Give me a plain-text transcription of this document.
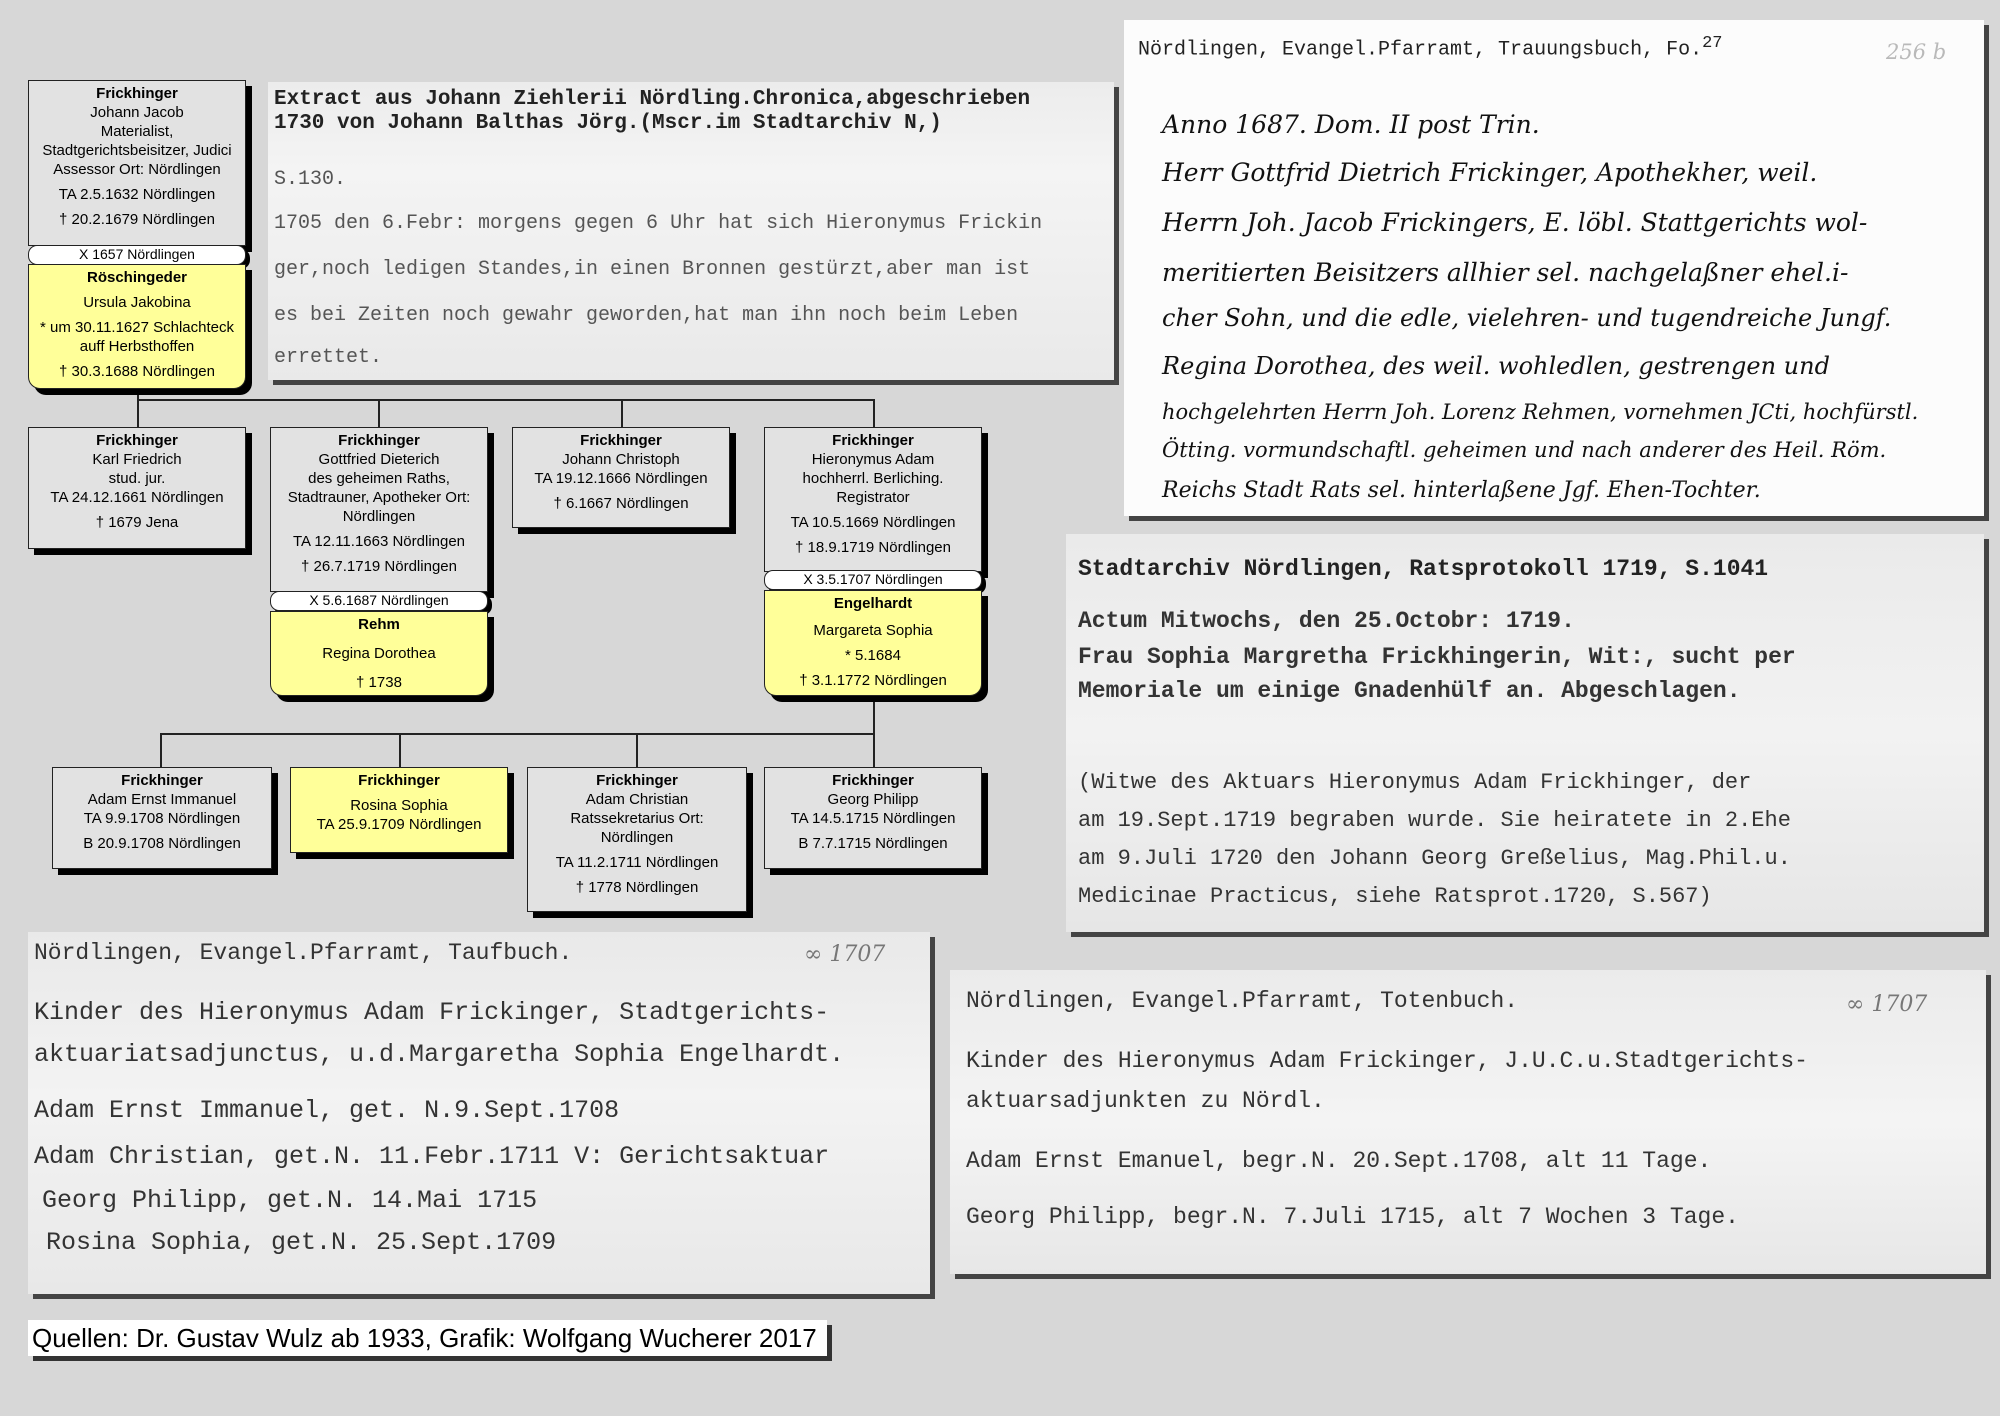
Frickhinger
Johann Jacob
Materialist,
Stadtgerichtsbeisitzer, Judici
Assessor Ort: Nördlingen
TA 2.5.1632 Nördlingen
† 20.2.1679 Nördlingen
X 1657 Nördlingen
Röschingeder
Ursula Jakobina
* um 30.11.1627 Schlachteck
auff Herbsthoffen
† 30.3.1688 Nördlingen
Frickhinger
Karl Friedrich
stud. jur.
TA 24.12.1661 Nördlingen
† 1679 Jena
Frickhinger
Gottfried Dieterich
des geheimen Raths,
Stadtrauner, Apotheker Ort:
Nördlingen
TA 12.11.1663 Nördlingen
† 26.7.1719 Nördlingen
X 5.6.1687 Nördlingen
Rehm
Regina Dorothea
† 1738
Frickhinger
Johann Christoph
TA 19.12.1666 Nördlingen
† 6.1667 Nördlingen
Frickhinger
Hieronymus Adam
hochherrl. Berliching.
Registrator
TA 10.5.1669 Nördlingen
† 18.9.1719 Nördlingen
X 3.5.1707 Nördlingen
Engelhardt
Margareta Sophia
* 5.1684
† 3.1.1772 Nördlingen
Frickhinger
Adam Ernst Immanuel
TA 9.9.1708 Nördlingen
B 20.9.1708 Nördlingen
Frickhinger
Rosina Sophia
TA 25.9.1709 Nördlingen
Frickhinger
Adam Christian
Ratssekretarius Ort:
Nördlingen
TA 11.2.1711 Nördlingen
† 1778 Nördlingen
Frickhinger
Georg Philipp
TA 14.5.1715 Nördlingen
B 7.7.1715 Nördlingen
Extract aus Johann Ziehlerii Nördling.Chronica,abgeschrieben
1730 von Johann Balthas Jörg.(Mscr.im Stadtarchiv N,)
S.130.
1705 den 6.Febr: morgens gegen 6 Uhr hat sich Hieronymus Frickin
ger,noch ledigen Standes,in einen Bronnen gestürzt,aber man ist
es bei Zeiten noch gewahr geworden,hat man ihn noch beim Leben
errettet.
Nördlingen, Evangel.Pfarramt, Trauungsbuch, Fo.$^{27}$	256 b
Anno 1687. Dom. II post Trin.
Herr Gottfrid Dietrich Frickinger, Apothekher, weil.
Herrn Joh. Jacob Frickingers, E. löbl. Stattgerichts wol-
meritierten Beisitzers allhier sel. nachgelaßner ehel.i-
cher Sohn, und die edle, vielehren- und tugendreiche Jungf.
Regina Dorothea, des weil. wohledlen, gestrengen und
hochgelehrten Herrn Joh. Lorenz Rehmen, vornehmen JCti, hochfürstl.
Ötting. vormundschaftl. geheimen und nach anderer des Heil. Röm.
Reichs Stadt Rats sel. hinterlaßene Jgf. Ehen-Tochter.
Stadtarchiv Nördlingen, Ratsprotokoll 1719, S.1041
Actum Mitwochs, den 25.Octobr: 1719.
Frau Sophia Margretha Frickhingerin, Wit:, sucht per
Memoriale um einige Gnadenhülf an. Abgeschlagen.
(Witwe des Aktuars Hieronymus Adam Frickhinger, der
am 19.Sept.1719 begraben wurde. Sie heiratete in 2.Ehe
am 9.Juli 1720 den Johann Georg Greßelius, Mag.Phil.u.
Medicinae Practicus, siehe Ratsprot.1720, S.567)
∞ 1707
Nördlingen, Evangel.Pfarramt, Taufbuch.
Kinder des Hieronymus Adam Frickinger, Stadtgerichts-
aktuariatsadjunctus, u.d.Margaretha Sophia Engelhardt.
Adam Ernst Immanuel, get. N.9.Sept.1708
Adam Christian, get.N. 11.Febr.1711 V: Gerichtsaktuar
Georg Philipp, get.N. 14.Mai 1715
Rosina Sophia, get.N. 25.Sept.1709
∞ 1707
Nördlingen, Evangel.Pfarramt, Totenbuch.
Kinder des Hieronymus Adam Frickinger, J.U.C.u.Stadtgerichts-
aktuarsadjunkten zu Nördl.
Adam Ernst Emanuel, begr.N. 20.Sept.1708, alt 11 Tage.
Georg Philipp, begr.N. 7.Juli 1715, alt 7 Wochen 3 Tage.
Quellen: Dr. Gustav Wulz ab 1933, Grafik: Wolfgang Wucherer 2017
